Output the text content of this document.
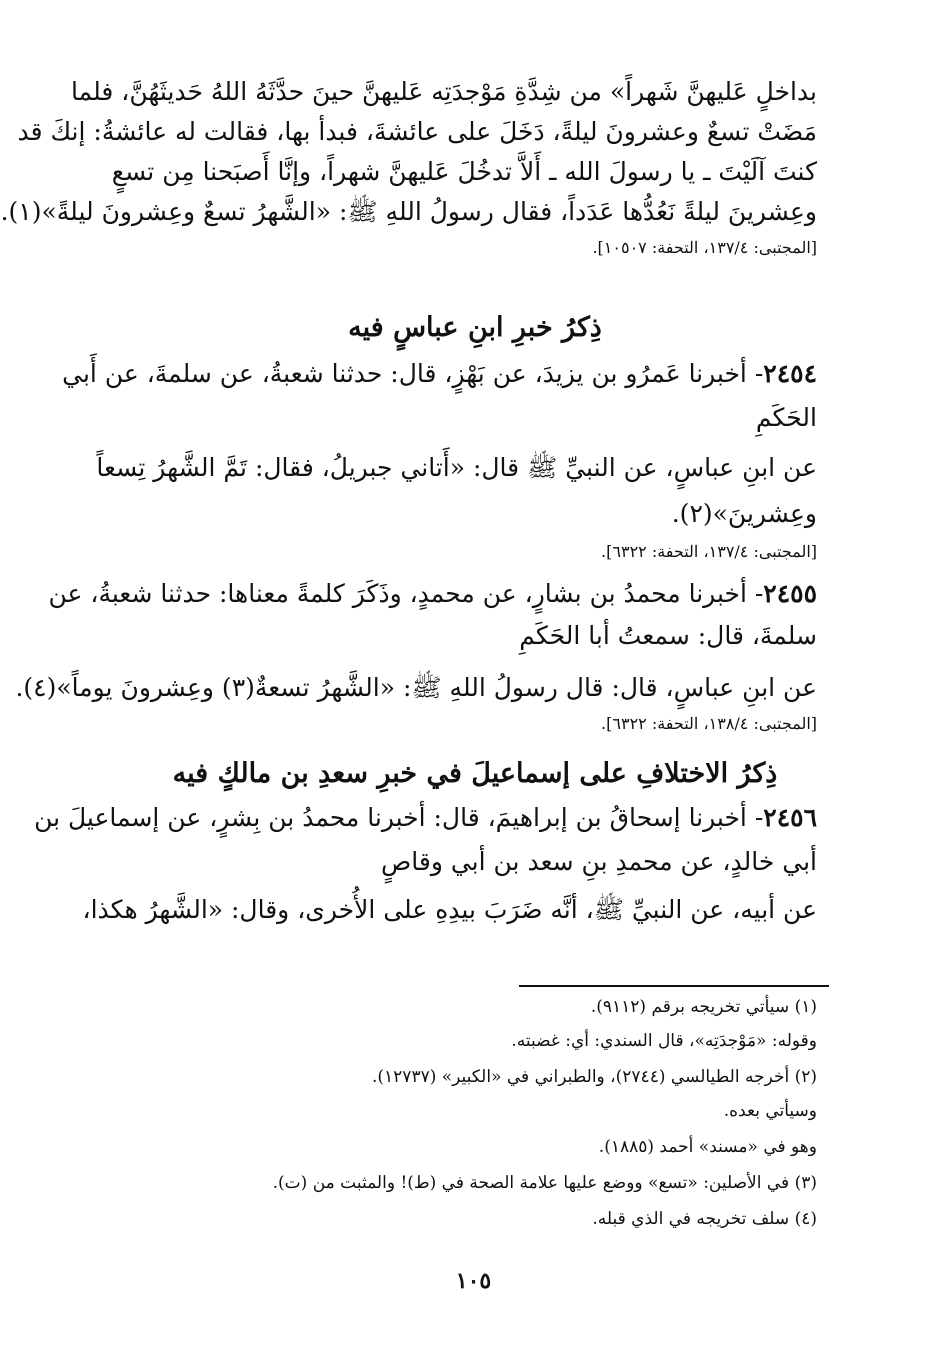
بداخلٍ عَليهنَّ شَهراً» من شِدَّةِ مَوْجدَتِه عَليهنَّ حينَ حدَّثَهُ اللهُ حَديثَهُنَّ، فلما
مَضَتْ تسعٌ وعشرونَ ليلةً، دَخَلَ على عائشةَ، فبدأ بها، فقالت له عائشةُ: إنكَ قد
كنتَ آلَيْتَ ـ يا رسولَ الله ـ أَلاَّ تدخُلَ عَليهنَّ شهراً، وإنَّا أَصبَحنا مِن تسعٍ
وعِشرينَ ليلةً نَعُدُّها عَدَداً، فقال رسولُ اللهِ ﷺ: «الشَّهرُ تسعٌ وعِشرونَ ليلةً»(١).
[المجتبى: ١٣٧/٤، التحفة: ١٠٥٠٧].
ذِكرُ خبرِ ابنِ عباسٍ فيه
٢٤٥٤- أخبرنا عَمرُو بن يزيدَ، عن بَهْزٍ، قال: حدثنا شعبةُ، عن سلمةَ، عن أَبي
الحَكَمِ
عن ابنِ عباسٍ، عن النبيِّ ﷺ قال: «أَتاني جبريلُ، فقال: تَمَّ الشَّهرُ تِسعاً
وعِشرينَ»(٢).
[المجتبى: ١٣٧/٤، التحفة: ٦٣٢٢].
٢٤٥٥- أخبرنا محمدُ بن بشارٍ، عن محمدٍ، وذَكَرَ كلمةً معناها: حدثنا شعبةُ، عن
سلمةَ، قال: سمعتُ أبا الحَكَمِ
عن ابنِ عباسٍ، قال: قال رسولُ اللهِ ﷺ: «الشَّهرُ تسعةٌ(٣) وعِشرونَ يوماً»(٤).
[المجتبى: ١٣٨/٤، التحفة: ٦٣٢٢].
ذِكرُ الاختلافِ على إسماعيلَ في خبرِ سعدِ بن مالكٍ فيه
٢٤٥٦- أخبرنا إسحاقُ بن إبراهيمَ، قال: أخبرنا محمدُ بن بِشرٍ، عن إسماعيلَ بن
أبي خالدٍ، عن محمدِ بنِ سعد بن أبي وقاصٍ
عن أبيه، عن النبيِّ ﷺ، أنَّه ضَرَبَ بيدِهِ على الأُخرى، وقال: «الشَّهرُ هكذا،
(١) سيأتي تخريجه برقم (٩١١٢).
وقوله: «مَوْجدَتِه»، قال السندي: أي: غضبته.
(٢) أخرجه الطيالسي (٢٧٤٤)، والطبراني في «الكبير» (١٢٧٣٧).
وسيأتي بعده.
وهو في «مسند» أحمد (١٨٨٥).
(٣) في الأصلين: «تسع» ووضع عليها علامة الصحة في (ط)! والمثبت من (ت).
(٤) سلف تخريجه في الذي قبله.
١٠٥
